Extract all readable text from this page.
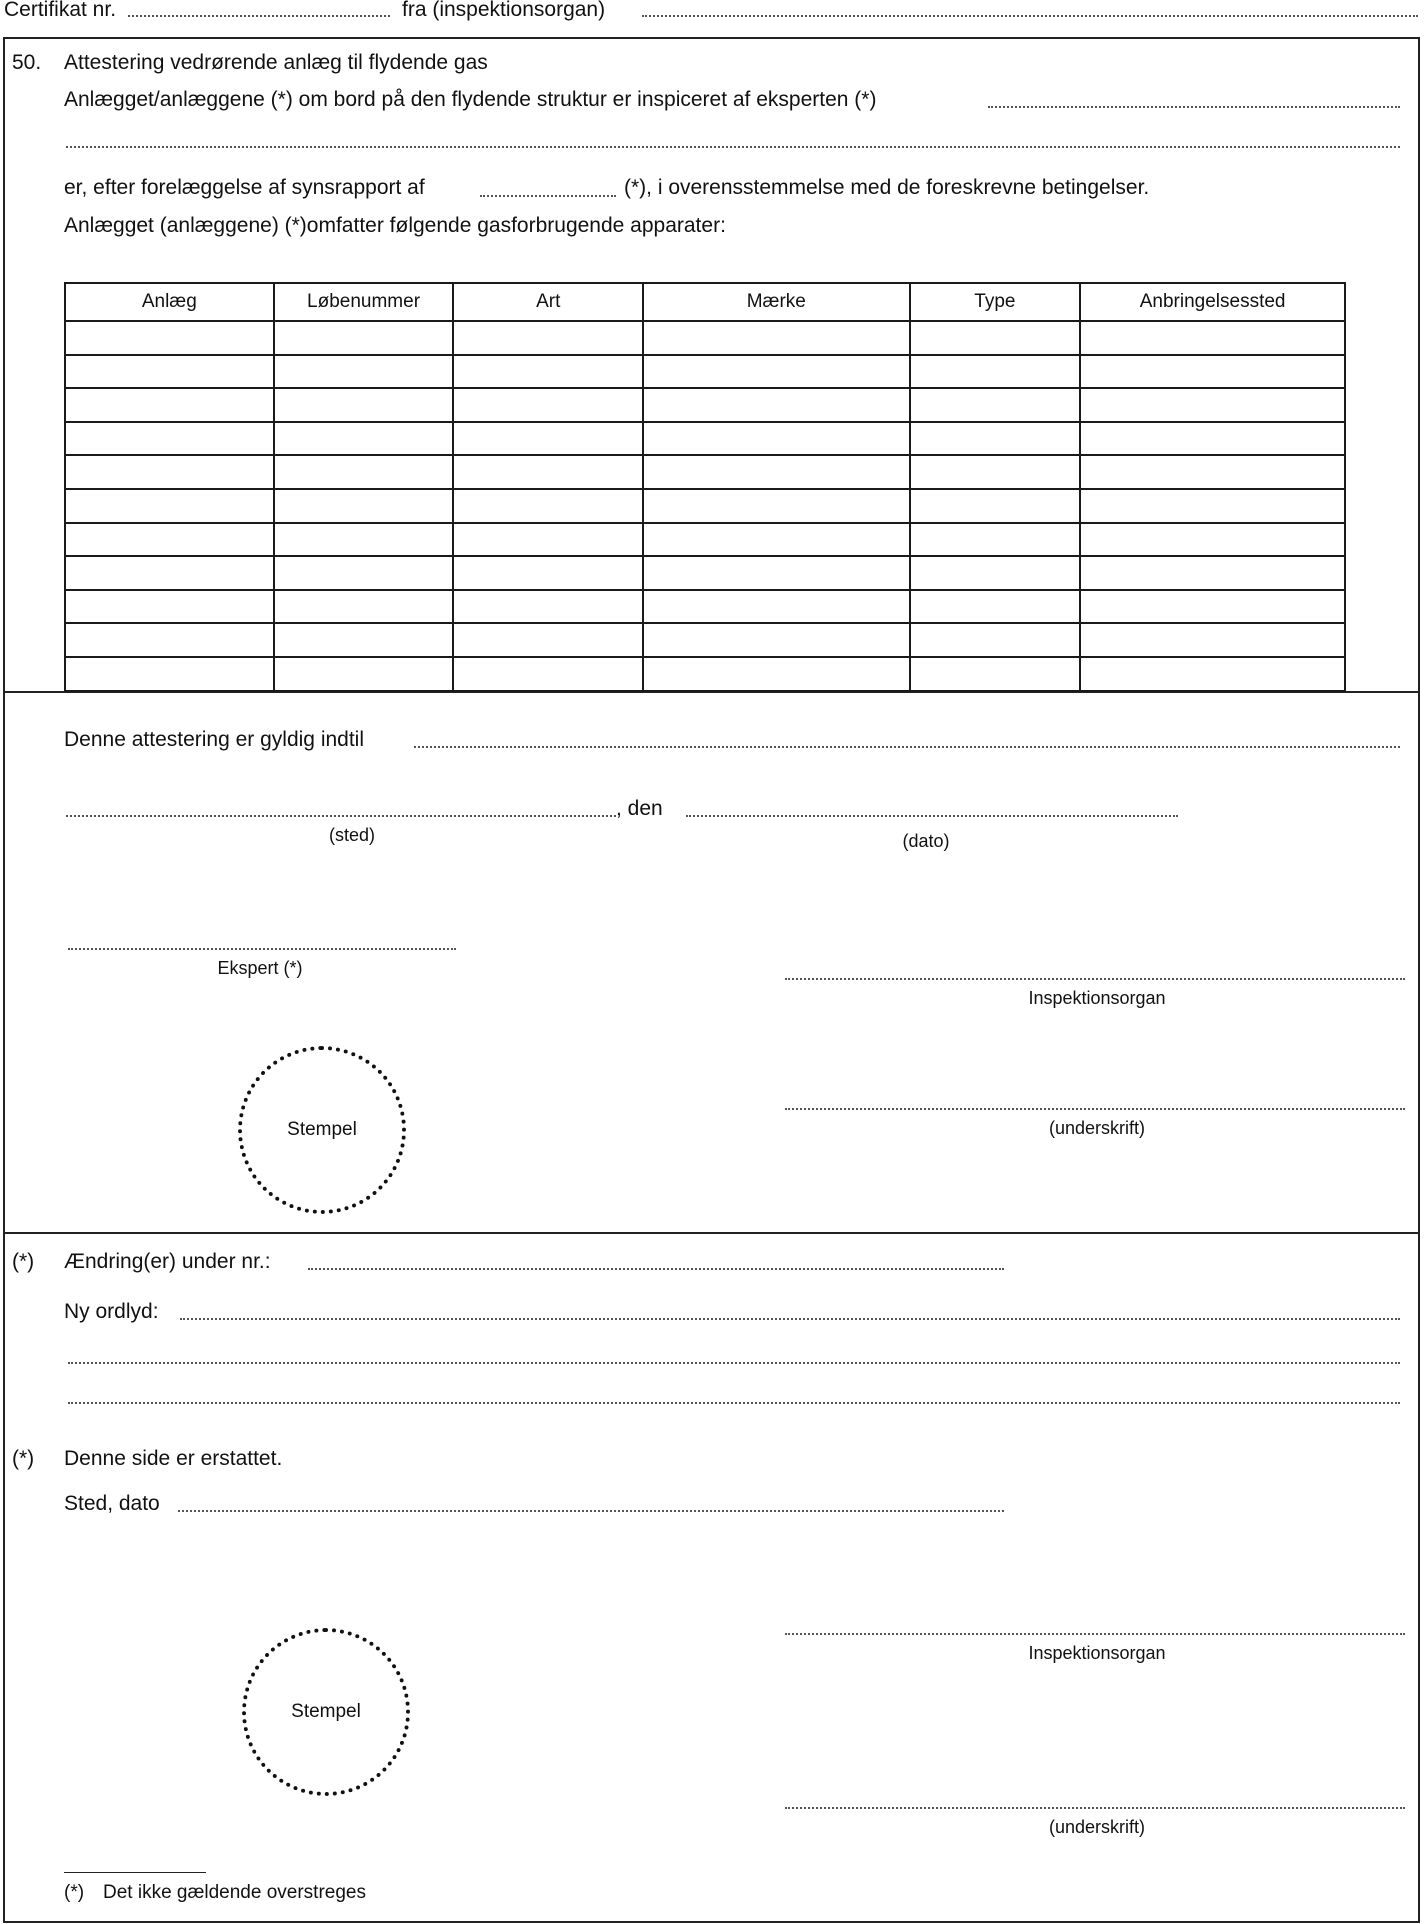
Certifikat nr.	fra (inspektionsorgan)
50. Attestering vedrørende anlæg til flydende gas
Anlægget/anlæggene (*) om bord på den flydende struktur er inspiceret af eksperten (*)
er, efter forelæggelse af synsrapport af	(*), i overensstemmelse med de foreskrevne betingelser.
Anlægget (anlæggene) (*)omfatter følgende gasforbrugende apparater:
Anlæg	Løbenummer	Art	Mærke	Type	Anbringelsessted

Denne attestering er gyldig indtil
, den
(sted)	(dato)
Ekspert (*)
Inspektionsorgan
(underskrift)
Stempel
(*) Ændring(er) under nr.:
Ny ordlyd:
(*) Denne side er erstattet.
Sted, dato
Inspektionsorgan
(underskrift)
Stempel
(*) Det ikke gældende overstreges
